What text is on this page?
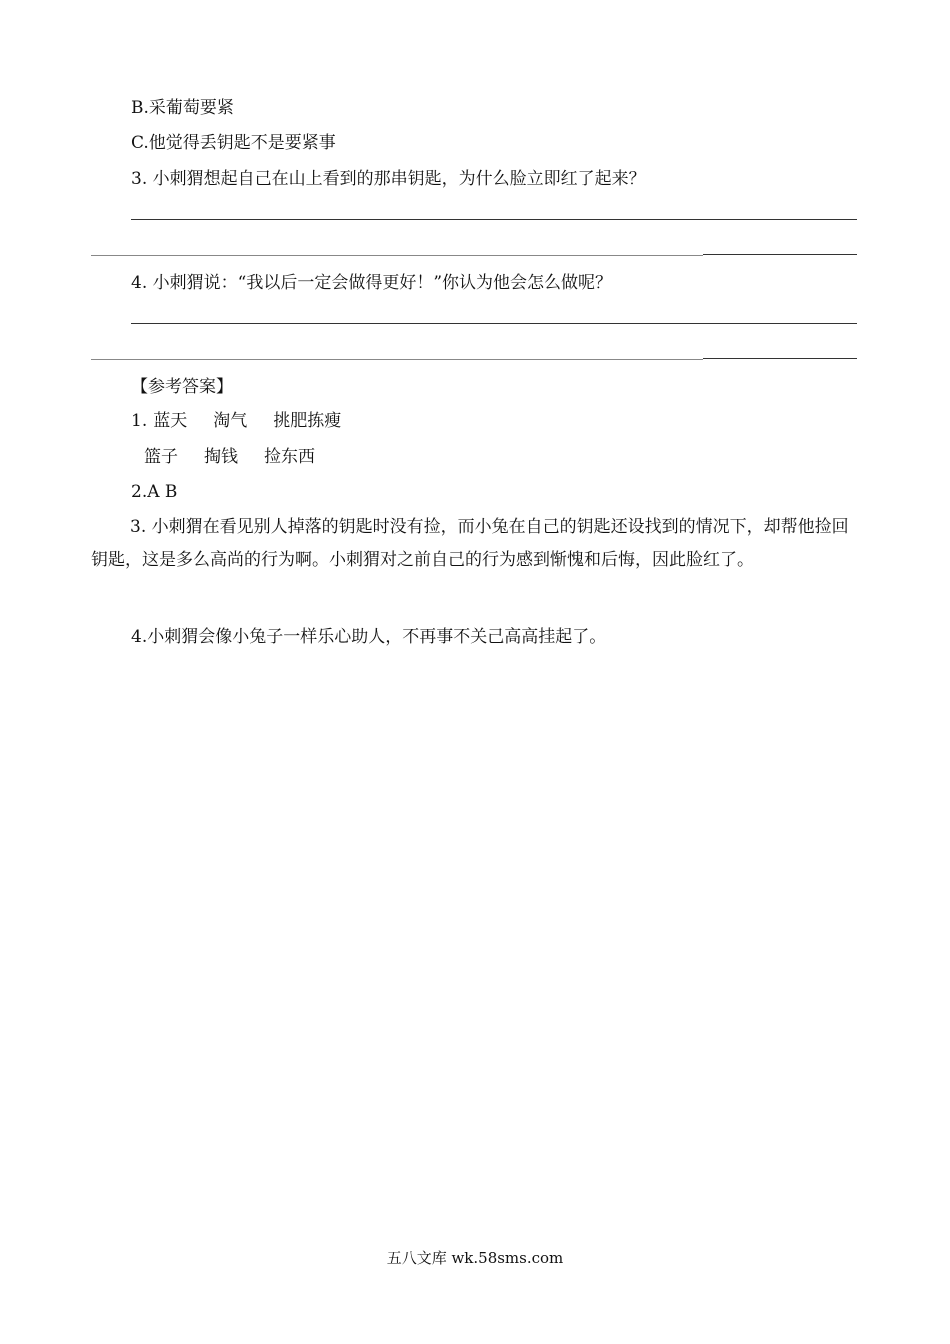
B.采葡萄要紧
C.他觉得丢钥匙不是要紧事
3. 小刺猬想起自己在山上看到的那串钥匙，为什么脸立即红了起来？
4. 小刺猬说：“我以后一定会做得更好！”你认为他会怎么做呢？
【参考答案】
1. 蓝天 淘气 挑肥拣瘦
篮子 掏钱 捡东西
2.A B
3. 小刺猬在看见别人掉落的钥匙时没有捡，而小兔在自己的钥匙还设找到的情况下，却帮他捡回钥匙，这是多么高尚的行为啊。小刺猬对之前自己的行为感到惭愧和后悔，因此脸红了。
4.小刺猬会像小兔子一样乐心助人，不再事不关己高高挂起了。
五八文库 wk.58sms.com
